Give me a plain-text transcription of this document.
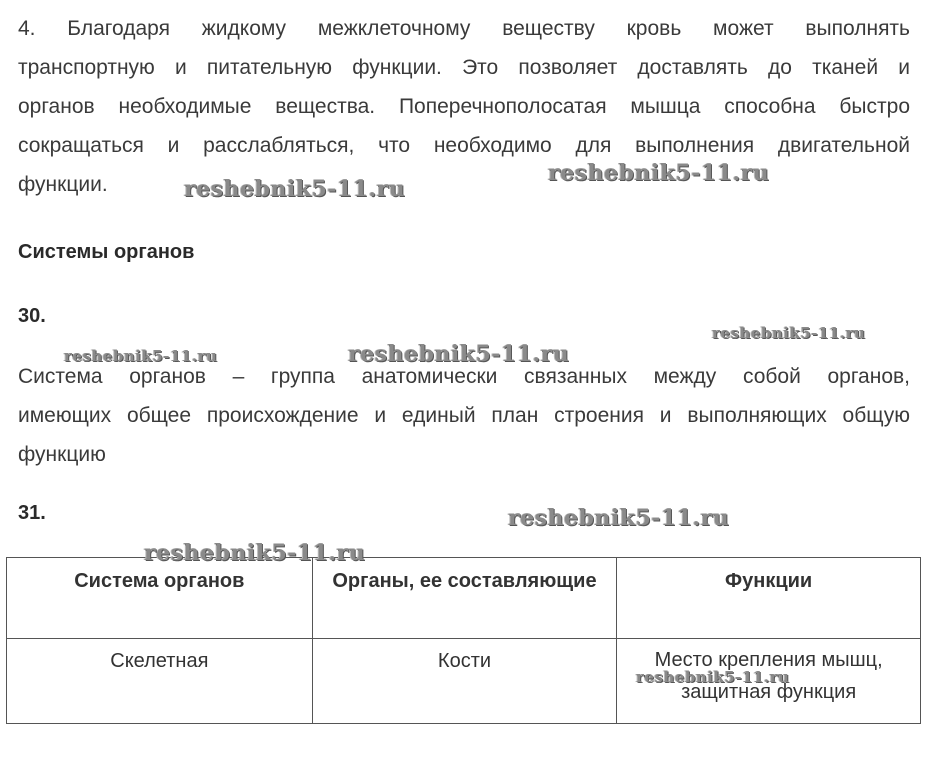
4. Благодаря жидкому межклеточному веществу кровь может выполнять
транспортную и питательную функции. Это позволяет доставлять до тканей и
органов необходимые вещества. Поперечнополосатая мышца способна быстро
сокращаться и расслабляться, что необходимо для выполнения двигательной
функции.
Системы органов
30.
Система органов – группа анатомически связанных между собой органов,
имеющих общее происхождение и единый план строения и выполняющих общую
функцию
31.
Система органов	Органы, ее составляющие	Функции
Скелетная	Кости	Место крепления мышц, защитная функция
reshebnik5-11.ru
reshebnik5-11.ru
reshebnik5-11.ru
reshebnik5-11.ru	reshebnik5-11.ru
reshebnik5-11.ru
reshebnik5-11.ru
reshebnik5-11.ru
